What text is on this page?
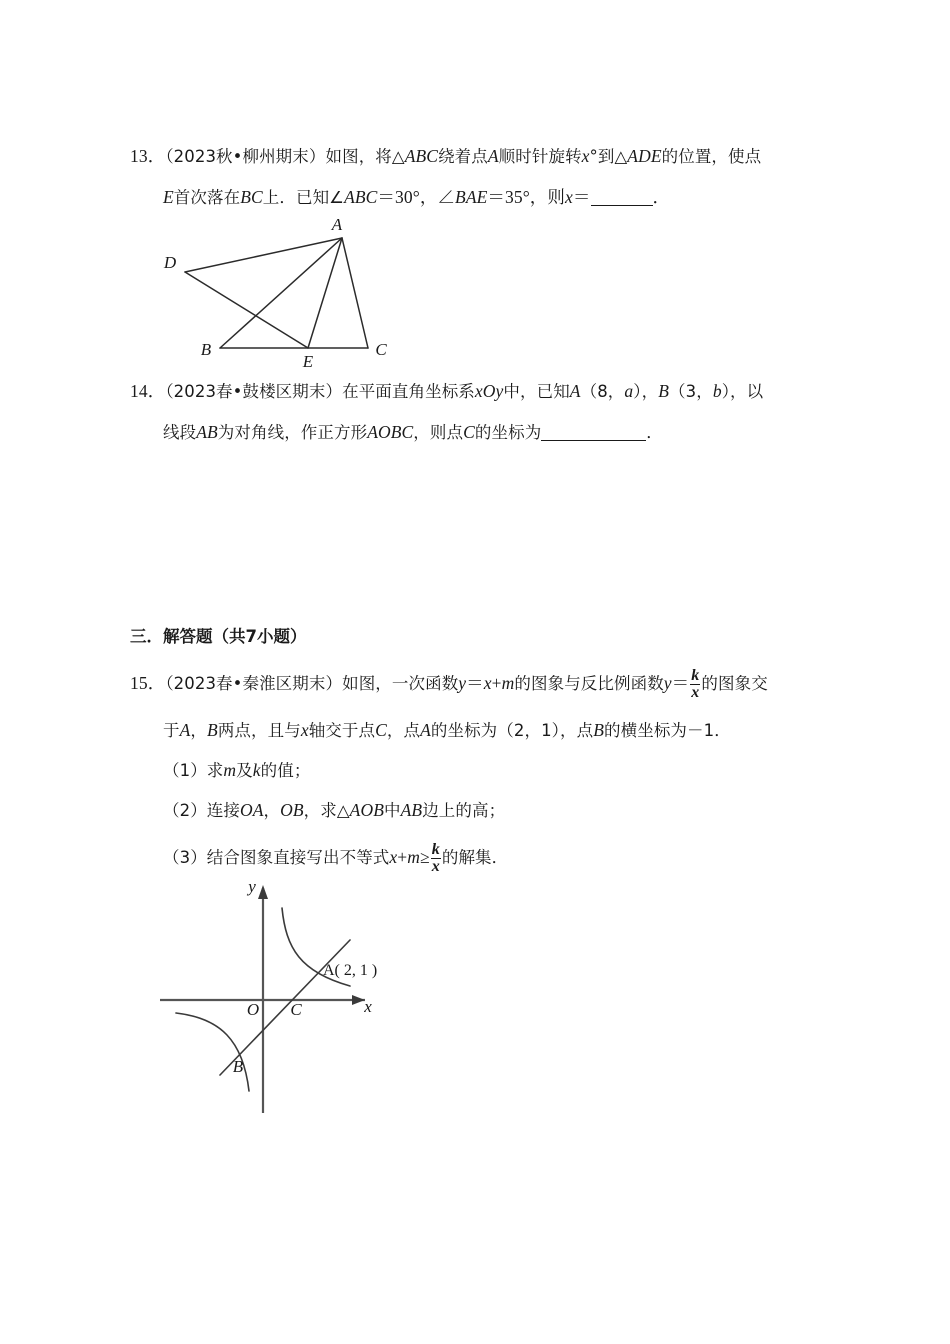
13．（2023秋•柳州期末）如图，将△ABC绕着点A顺时针旋转x°到△ADE的位置，使点
E首次落在BC上．已知∠ABC＝30°，∠BAE＝35°，则x＝	．
A
D
B
E
C
14．（2023春•鼓楼区期末）在平面直角坐标系xOy中，已知A（8，a），B（3，b），以
线段AB为对角线，作正方形AOBC，则点C的坐标为	．
三．解答题（共7小题）
15．（2023春•秦淮区期末）如图，一次函数y＝x+m的图象与反比例函数$y= \frac{k}{x}$ 的图象交
于A，B两点，且与x轴交于点C，点A的坐标为（2，1），点B的横坐标为－1．
（1）求m及k的值；
（2）连接OA，OB，求△AOB中AB边上的高；
（3）结合图象直接写出不等式$x+m\ge \frac{k}{x}$ 的解集．
y
x
O C
A( 2, 1 )
B
